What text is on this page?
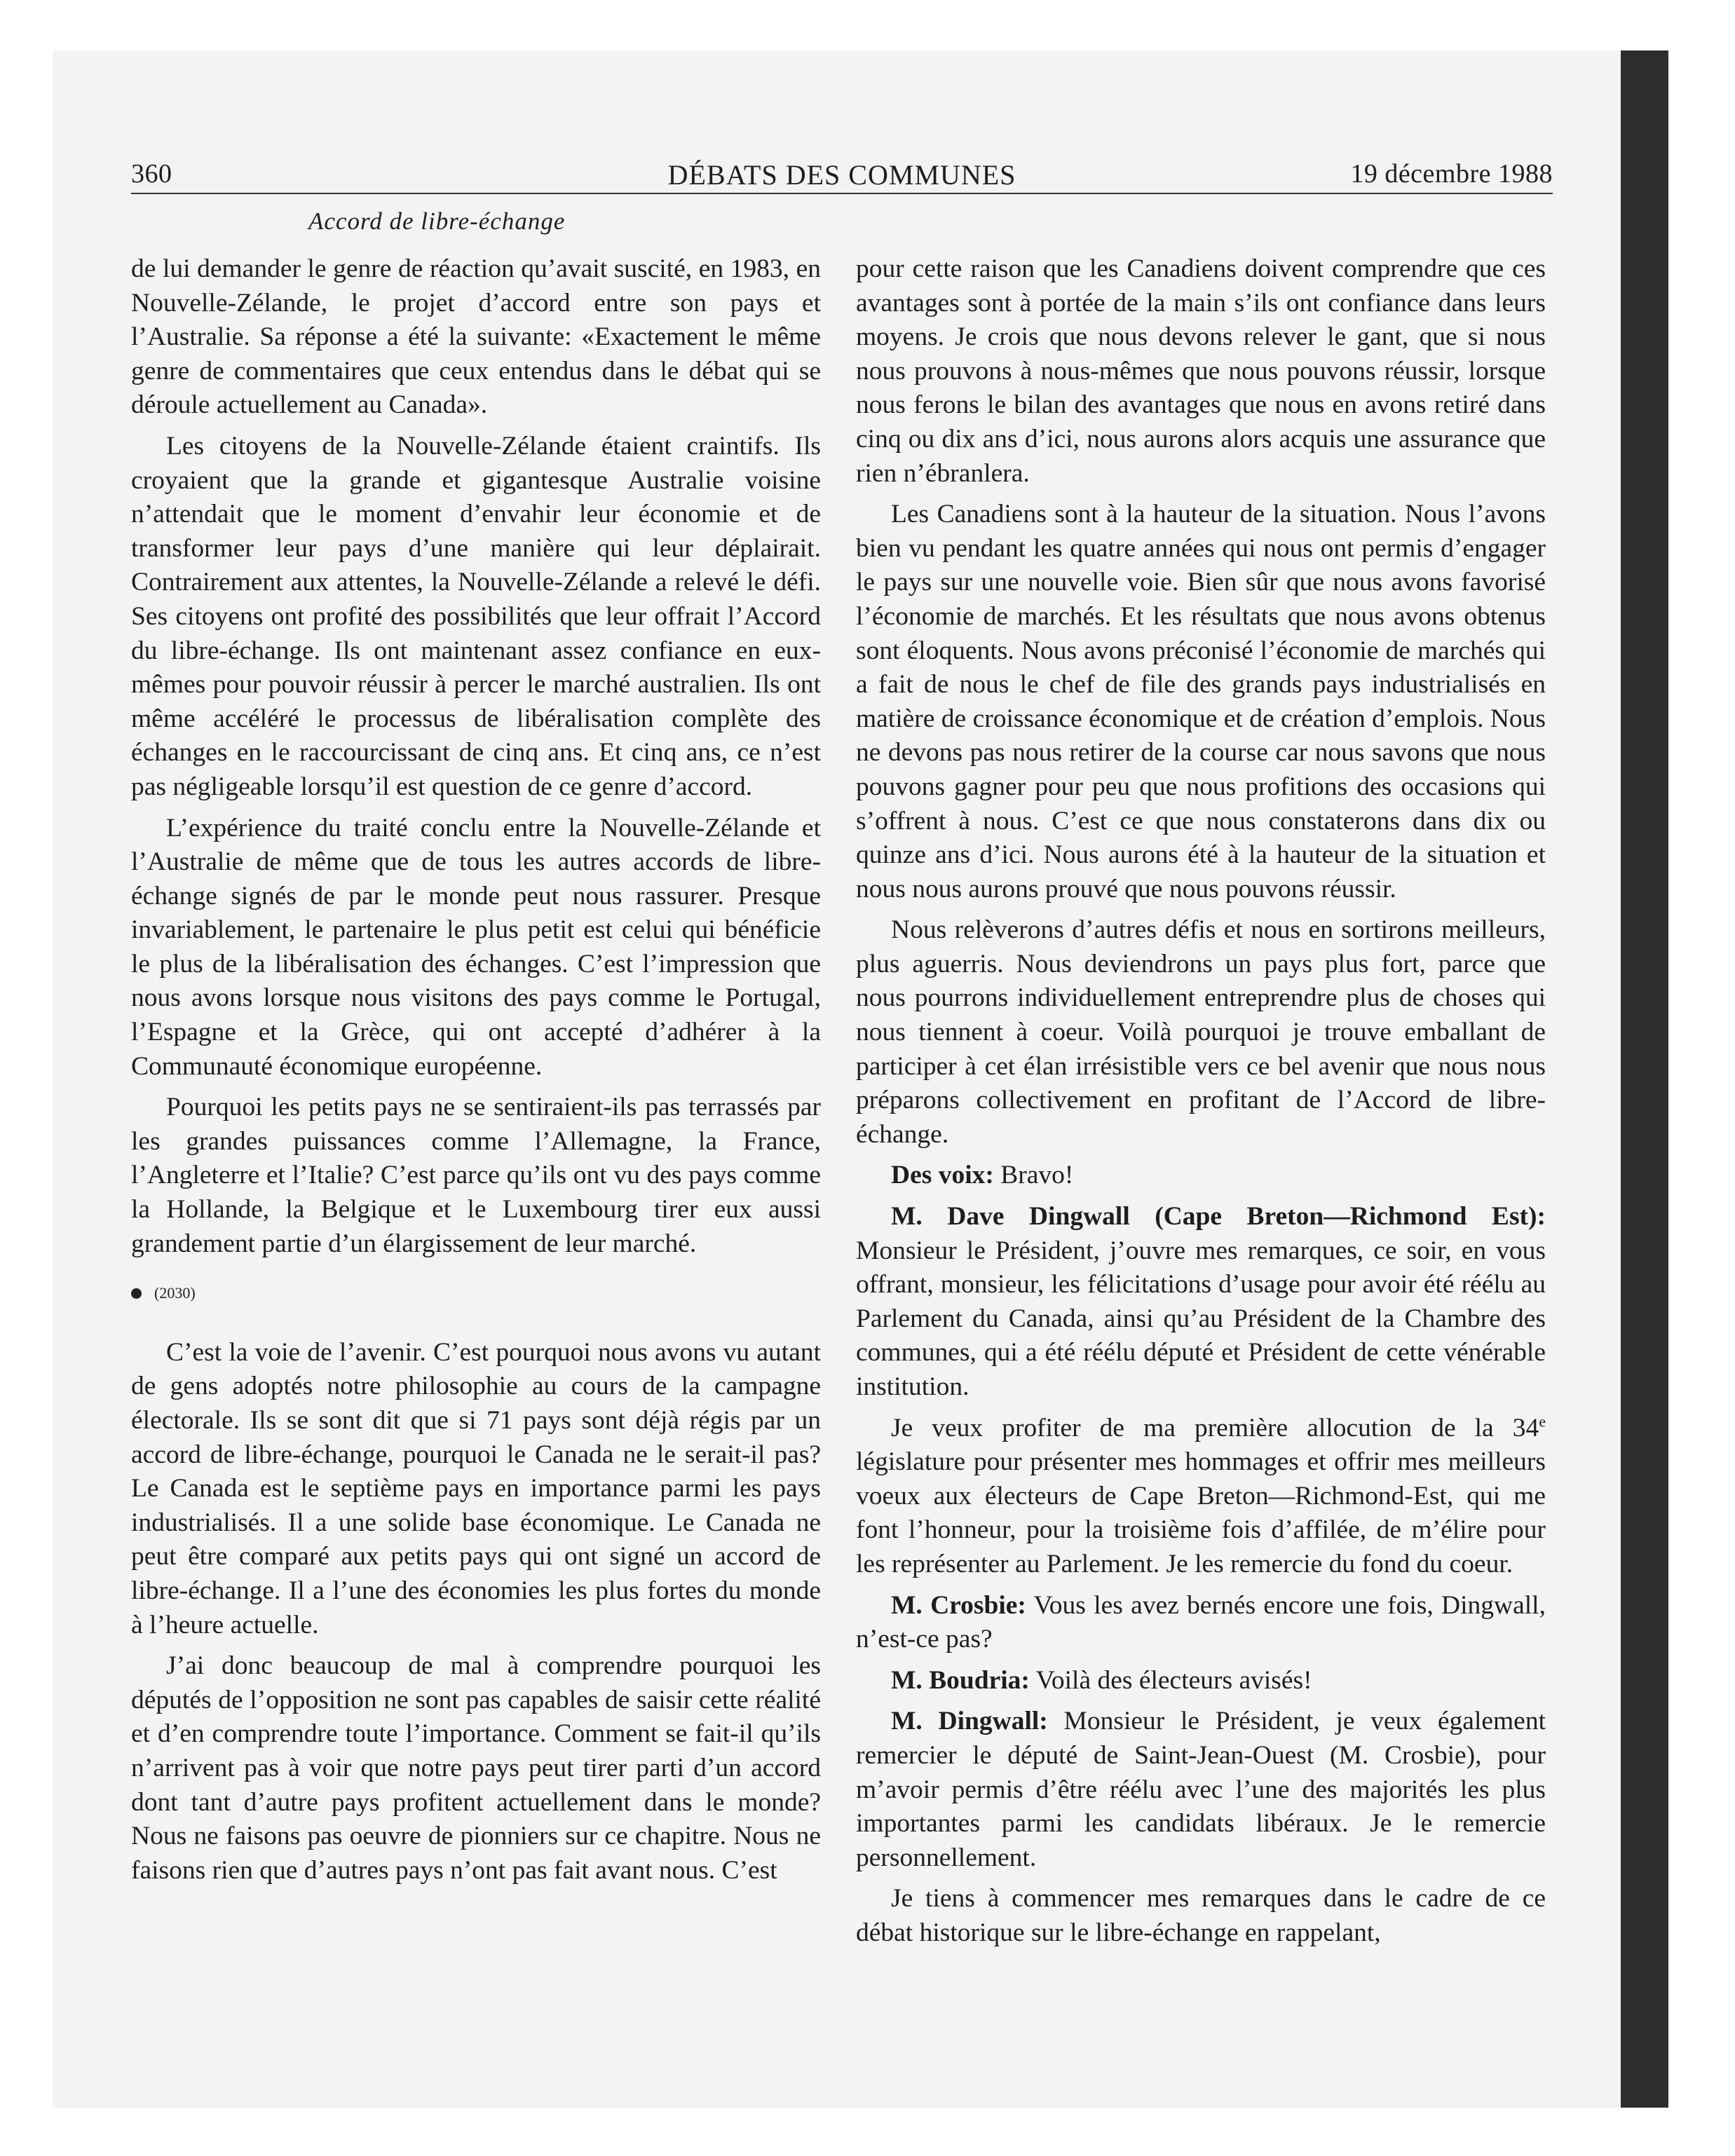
360	DÉBATS DES COMMUNES	19 décembre 1988
Accord de libre-échange

de lui demander le genre de réaction qu’avait suscité, en 1983, en Nouvelle-Zélande, le projet d’accord entre son pays et l’Australie. Sa réponse a été la suivante: «Exactement le même genre de commentaires que ceux entendus dans le débat qui se déroule actuellement au Canada».

Les citoyens de la Nouvelle-Zélande étaient craintifs. Ils croyaient que la grande et gigantesque Australie voisine n’attendait que le moment d’envahir leur économie et de transformer leur pays d’une manière qui leur déplairait. Contrairement aux attentes, la Nouvelle-Zélande a relevé le défi. Ses citoyens ont profité des possibilités que leur offrait l’Accord du libre-échange. Ils ont maintenant assez confiance en eux-mêmes pour pouvoir réussir à percer le marché australien. Ils ont même accéléré le processus de libéralisation complète des échanges en le raccourcissant de cinq ans. Et cinq ans, ce n’est pas négligeable lorsqu’il est question de ce genre d’accord.

L’expérience du traité conclu entre la Nouvelle-Zélande et l’Australie de même que de tous les autres accords de libre-échange signés de par le monde peut nous rassurer. Presque invariablement, le partenaire le plus petit est celui qui bénéficie le plus de la libéralisation des échanges. C’est l’impression que nous avons lorsque nous visitons des pays comme le Portugal, l’Espagne et la Grèce, qui ont accepté d’adhérer à la Communauté économique européenne.

Pourquoi les petits pays ne se sentiraient-ils pas terrassés par les grandes puissances comme l’Allemagne, la France, l’Angleterre et l’Italie? C’est parce qu’ils ont vu des pays comme la Hollande, la Belgique et le Luxembourg tirer eux aussi grandement partie d’un élargissement de leur marché.

(2030)

C’est la voie de l’avenir. C’est pourquoi nous avons vu autant de gens adoptés notre philosophie au cours de la campagne électorale. Ils se sont dit que si 71 pays sont déjà régis par un accord de libre-échange, pourquoi le Canada ne le serait-il pas? Le Canada est le septième pays en importance parmi les pays industrialisés. Il a une solide base économique. Le Canada ne peut être comparé aux petits pays qui ont signé un accord de libre-échange. Il a l’une des économies les plus fortes du monde à l’heure actuelle.

J’ai donc beaucoup de mal à comprendre pourquoi les députés de l’opposition ne sont pas capables de saisir cette réalité et d’en comprendre toute l’importance. Comment se fait-il qu’ils n’arrivent pas à voir que notre pays peut tirer parti d’un accord dont tant d’autre pays profitent actuellement dans le monde? Nous ne faisons pas oeuvre de pionniers sur ce chapitre. Nous ne faisons rien que d’autres pays n’ont pas fait avant nous. C’est

pour cette raison que les Canadiens doivent comprendre que ces avantages sont à portée de la main s’ils ont confiance dans leurs moyens. Je crois que nous devons relever le gant, que si nous nous prouvons à nous-mêmes que nous pouvons réussir, lorsque nous ferons le bilan des avantages que nous en avons retiré dans cinq ou dix ans d’ici, nous aurons alors acquis une assurance que rien n’ébranlera.

Les Canadiens sont à la hauteur de la situation. Nous l’avons bien vu pendant les quatre années qui nous ont permis d’engager le pays sur une nouvelle voie. Bien sûr que nous avons favorisé l’économie de marchés. Et les résultats que nous avons obtenus sont éloquents. Nous avons préconisé l’économie de marchés qui a fait de nous le chef de file des grands pays industrialisés en matière de croissance économique et de création d’emplois. Nous ne devons pas nous retirer de la course car nous savons que nous pouvons gagner pour peu que nous profitions des occasions qui s’offrent à nous. C’est ce que nous constaterons dans dix ou quinze ans d’ici. Nous aurons été à la hauteur de la situation et nous nous aurons prouvé que nous pouvons réussir.

Nous relèverons d’autres défis et nous en sortirons meilleurs, plus aguerris. Nous deviendrons un pays plus fort, parce que nous pourrons individuellement entreprendre plus de choses qui nous tiennent à coeur. Voilà pourquoi je trouve emballant de participer à cet élan irrésistible vers ce bel avenir que nous nous préparons collectivement en profitant de l’Accord de libre-échange.

Des voix: Bravo!

M. Dave Dingwall (Cape Breton—Richmond Est): Monsieur le Président, j’ouvre mes remarques, ce soir, en vous offrant, monsieur, les félicitations d’usage pour avoir été réélu au Parlement du Canada, ainsi qu’au Président de la Chambre des communes, qui a été réélu député et Président de cette vénérable institution.

Je veux profiter de ma première allocution de la 34e législature pour présenter mes hommages et offrir mes meilleurs voeux aux électeurs de Cape Breton—Richmond-Est, qui me font l’honneur, pour la troisième fois d’affilée, de m’élire pour les représenter au Parlement. Je les remercie du fond du coeur.

M. Crosbie: Vous les avez bernés encore une fois, Dingwall, n’est-ce pas?

M. Boudria: Voilà des électeurs avisés!

M. Dingwall: Monsieur le Président, je veux également remercier le député de Saint-Jean-Ouest (M. Crosbie), pour m’avoir permis d’être réélu avec l’une des majorités les plus importantes parmi les candidats libéraux. Je le remercie personnellement.

Je tiens à commencer mes remarques dans le cadre de ce débat historique sur le libre-échange en rappelant,
